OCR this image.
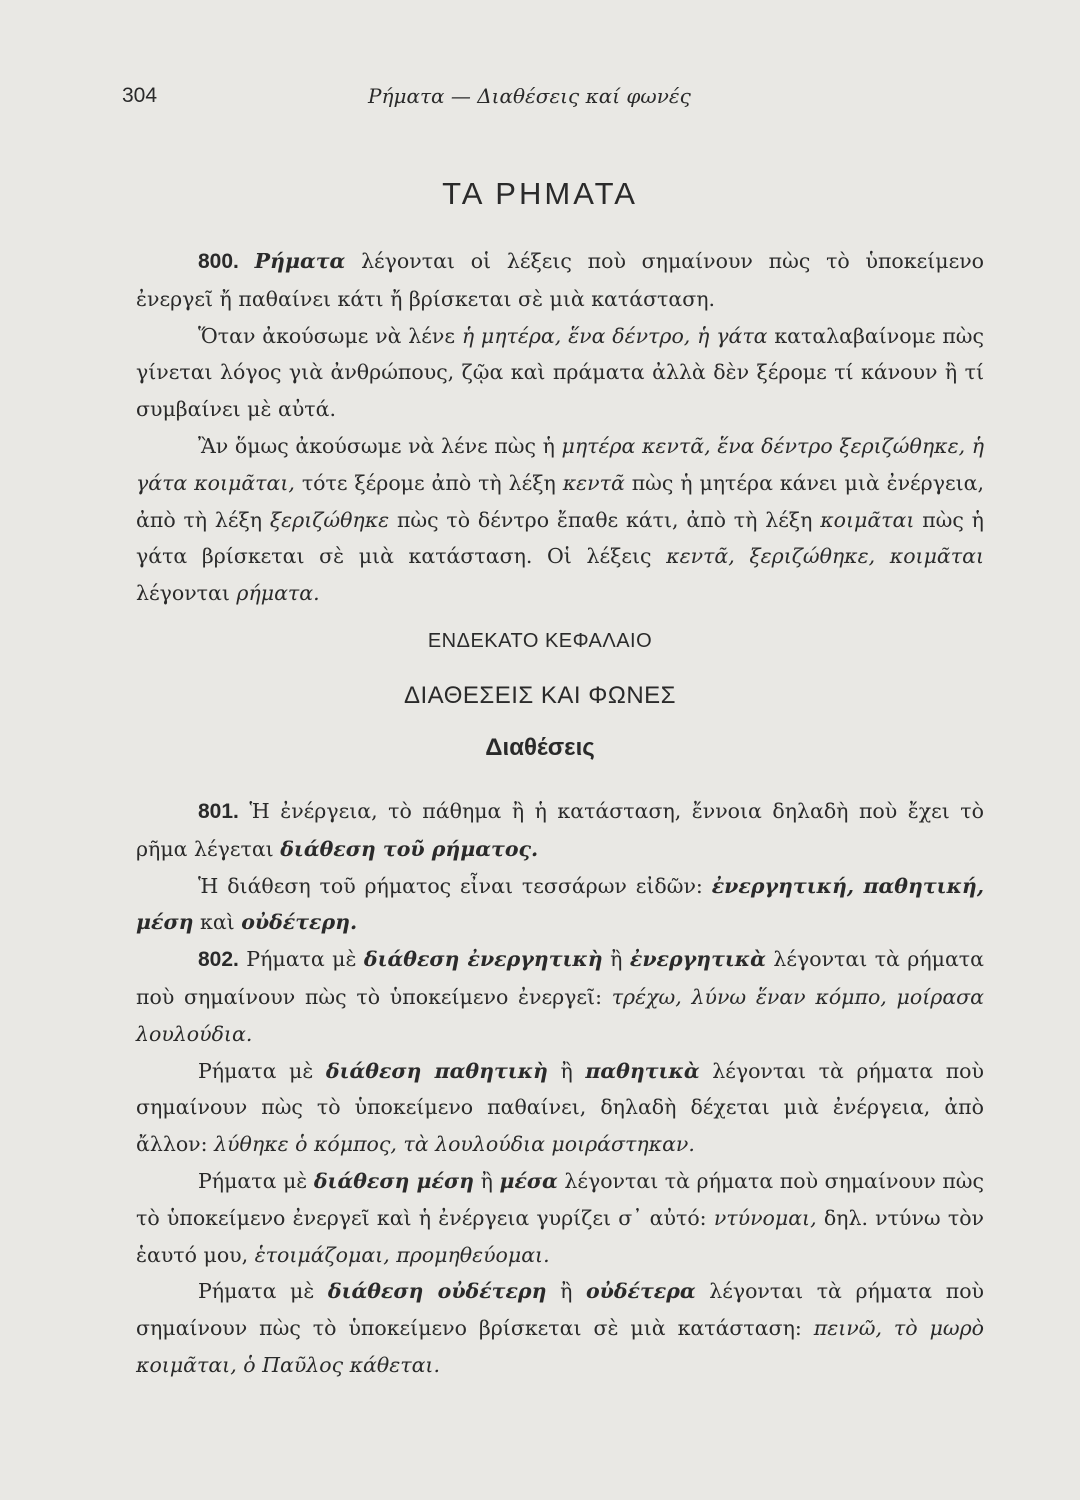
304	Ρήματα — Διαθέσεις καί φωνές
ΤΑ ΡΗΜΑΤΑ

800. Ρήματα λέγονται οἱ λέξεις ποὺ σημαίνουν πὼς τὸ ὑποκείμενο ἐνεργεῖ ἤ παθαίνει κάτι ἤ βρίσκεται σὲ μιὰ κατάσταση.

Ὅταν ἀκούσωμε νὰ λένε ἡ μητέρα, ἕνα δέντρο, ἡ γάτα καταλαβαίνομε πὼς γίνεται λόγος γιὰ ἀνθρώπους, ζῷα καὶ πράματα ἀλλὰ δὲν ξέρομε τί κάνουν ἢ τί συμβαίνει μὲ αὐτά.

Ἂν ὅμως ἀκούσωμε νὰ λένε πὼς ἡ μητέρα κεντᾶ, ἕνα δέντρο ξεριζώθηκε, ἡ γάτα κοιμᾶται, τότε ξέρομε ἀπὸ τὴ λέξη κεντᾶ πὼς ἡ μητέρα κάνει μιὰ ἐνέργεια, ἀπὸ τὴ λέξη ξεριζώθηκε πὼς τὸ δέντρο ἔπαθε κάτι, ἀπὸ τὴ λέξη κοιμᾶται πὼς ἡ γάτα βρίσκεται σὲ μιὰ κατάσταση. Οἱ λέξεις κεντᾶ, ξεριζώθηκε, κοιμᾶται λέγονται ρήματα.

ΕΝΔΕΚΑΤΟ ΚΕΦΑΛΑΙΟ
ΔΙΑΘΕΣΕΙΣ ΚΑΙ ΦΩΝΕΣ
Διαθέσεις

801. Ἡ ἐνέργεια, τὸ πάθημα ἢ ἡ κατάσταση, ἔννοια δηλαδὴ ποὺ ἔχει τὸ ρῆμα λέγεται διάθεση τοῦ ρήματος.

Ἡ διάθεση τοῦ ρήματος εἶναι τεσσάρων εἰδῶν: ἐνεργητική, παθητική, μέση καὶ οὐδέτερη.

802. Ρήματα μὲ διάθεση ἐνεργητικὴ ἢ ἐνεργητικὰ λέγονται τὰ ρήματα ποὺ σημαίνουν πὼς τὸ ὑποκείμενο ἐνεργεῖ: τρέχω, λύνω ἕναν κόμπο, μοίρασα λουλούδια.

Ρήματα μὲ διάθεση παθητικὴ ἢ παθητικὰ λέγονται τὰ ρήματα ποὺ σημαίνουν πὼς τὸ ὑποκείμενο παθαίνει, δηλαδὴ δέχεται μιὰ ἐνέργεια, ἀπὸ ἄλλον: λύθηκε ὁ κόμπος, τὰ λουλούδια μοιράστηκαν.

Ρήματα μὲ διάθεση μέση ἢ μέσα λέγονται τὰ ρήματα ποὺ σημαίνουν πὼς τὸ ὑποκείμενο ἐνεργεῖ καὶ ἡ ἐνέργεια γυρίζει σ᾽ αὐτό: ντύνομαι, δηλ. ντύνω τὸν ἑαυτό μου, ἑτοιμάζομαι, προμηθεύομαι.

Ρήματα μὲ διάθεση οὐδέτερη ἢ οὐδέτερα λέγονται τὰ ρήματα ποὺ σημαίνουν πὼς τὸ ὑποκείμενο βρίσκεται σὲ μιὰ κατάσταση: πεινῶ, τὸ μωρὸ κοιμᾶται, ὁ Παῦλος κάθεται.
